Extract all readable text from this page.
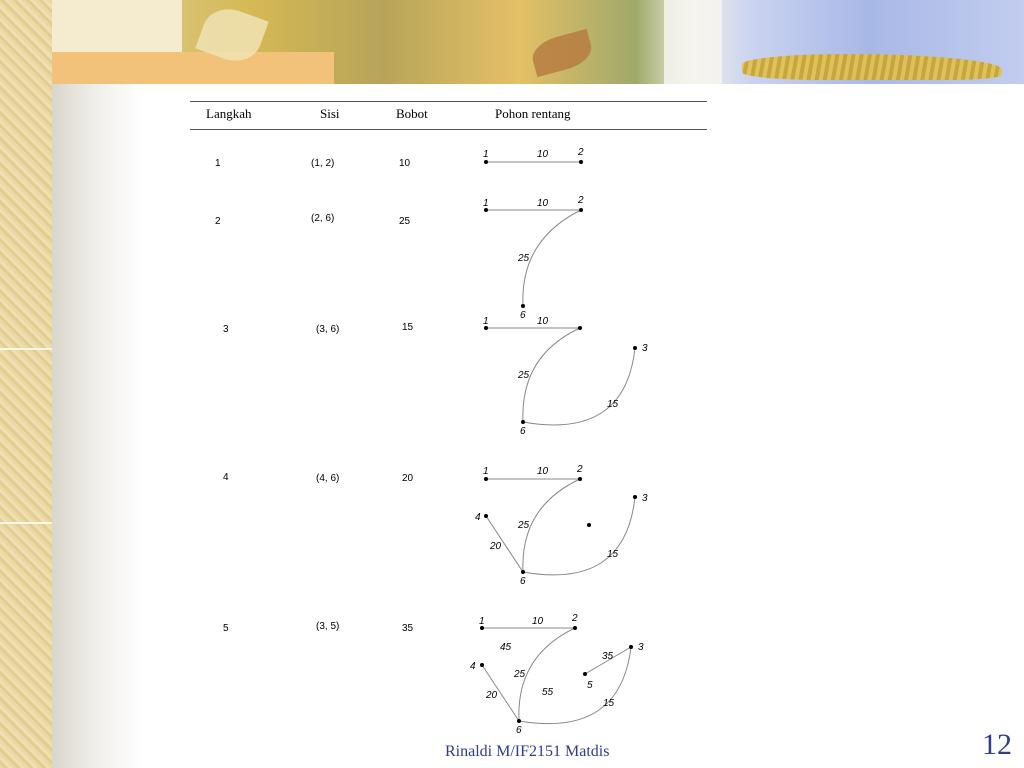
Langkah	Sisi	Bobot	Pohon rentang
1	(1, 2)	10
2	(2, 6)	25
3	(3, 6)	15
4	(4, 6)	20
5	(3, 5)	35
1	2
10
1	2
10
25
6
1	10
3
25
15
6
1	10	2
3
4
25
20
15
6
1	10	2
45
35
3
4
25
5
55
20
15
6
Rinaldi M/IF2151 Matdis	12
